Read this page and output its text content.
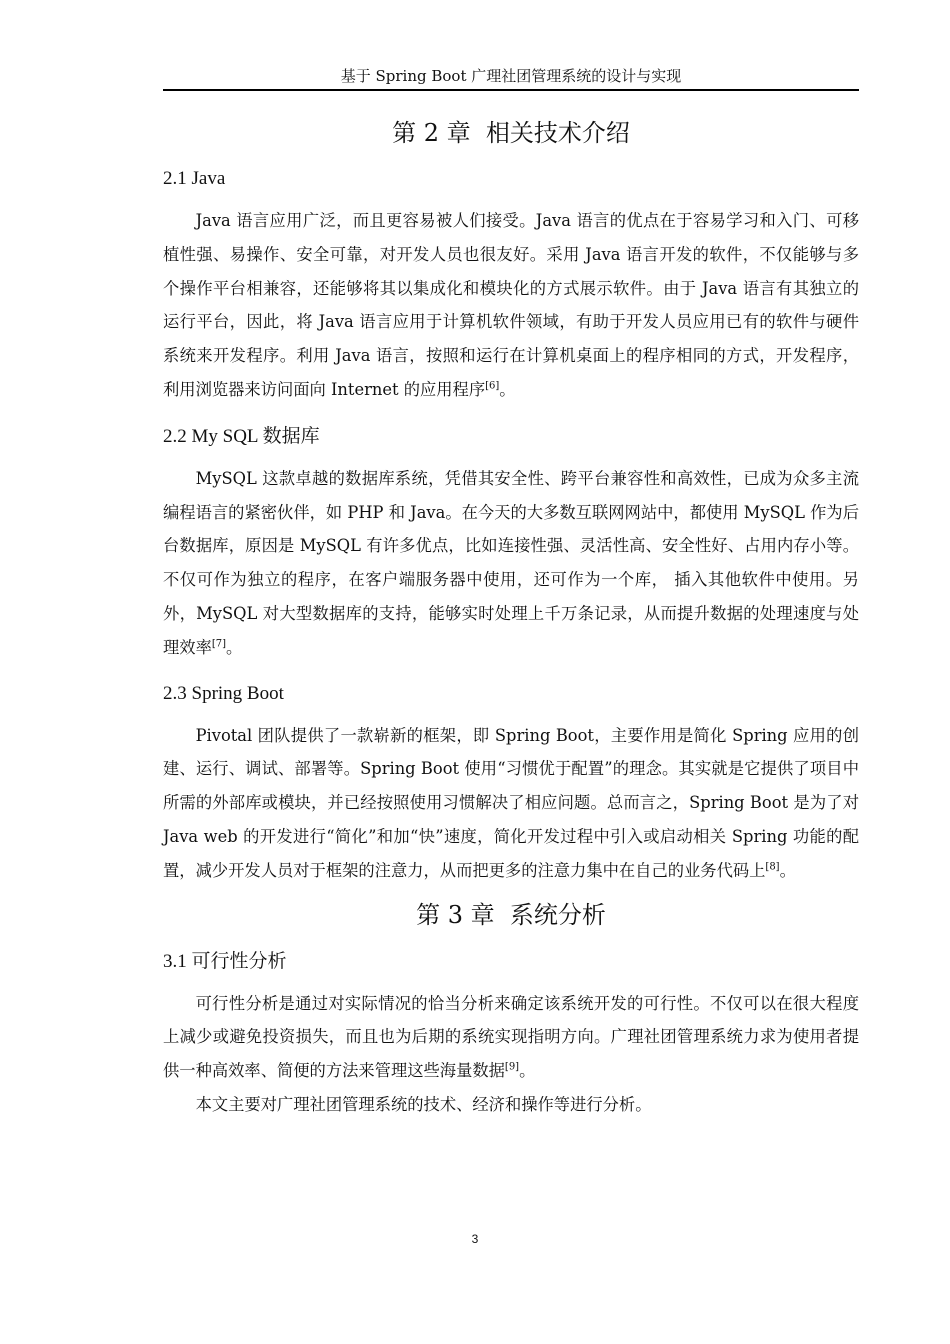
基于 Spring Boot 广理社团管理系统的设计与实现
第 2 章 相关技术介绍
2.1 Java

Java 语言应用广泛，而且更容易被人们接受。Java 语言的优点在于容易学习和入门、可移植性强、易操作、安全可靠，对开发人员也很友好。采用 Java 语言开发的软件，不仅能够与多个操作平台相兼容，还能够将其以集成化和模块化的方式展示软件。由于 Java 语言有其独立的运行平台，因此，将 Java 语言应用于计算机软件领域，有助于开发人员应用已有的软件与硬件系统来开发程序。利用 Java 语言，按照和运行在计算机桌面上的程序相同的方式，开发程序，利用浏览器来访问面向 Internet 的应用程序[6]。

2.2 My SQL 数据库

MySQL 这款卓越的数据库系统，凭借其安全性、跨平台兼容性和高效性，已成为众多主流编程语言的紧密伙伴，如 PHP 和 Java。在今天的大多数互联网网站中，都使用 MySQL 作为后台数据库，原因是 MySQL 有许多优点，比如连接性强、灵活性高、安全性好、占用内存小等。不仅可作为独立的程序，在客户端服务器中使用，还可作为一个库， 插入其他软件中使用。另外，MySQL 对大型数据库的支持，能够实时处理上千万条记录，从而提升数据的处理速度与处理效率[7]。

2.3 Spring Boot

Pivotal 团队提供了一款崭新的框架，即 Spring Boot，主要作用是简化 Spring 应用的创建、运行、调试、部署等。Spring Boot 使用“习惯优于配置”的理念。其实就是它提供了项目中所需的外部库或模块，并已经按照使用习惯解决了相应问题。总而言之，Spring Boot 是为了对 Java web 的开发进行“简化”和加“快”速度，简化开发过程中引入或启动相关 Spring 功能的配置，减少开发人员对于框架的注意力，从而把更多的注意力集中在自己的业务代码上[8]。

第 3 章 系统分析
3.1 可行性分析

可行性分析是通过对实际情况的恰当分析来确定该系统开发的可行性。不仅可以在很大程度上减少或避免投资损失，而且也为后期的系统实现指明方向。广理社团管理系统力求为使用者提供一种高效率、简便的方法来管理这些海量数据[9]。

本文主要对广理社团管理系统的技术、经济和操作等进行分析。

3
